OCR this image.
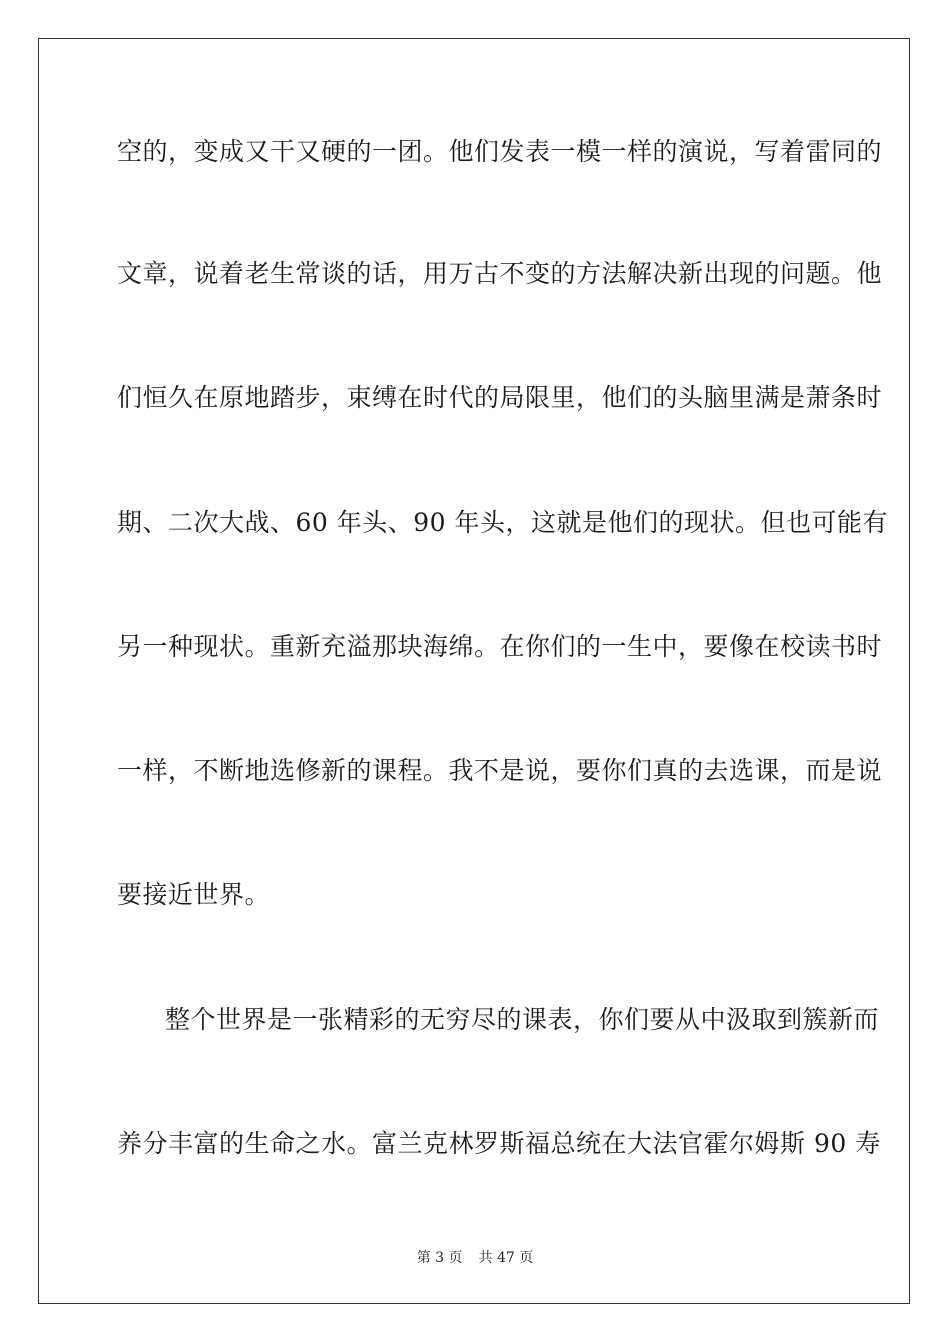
空的，变成又干又硬的一团。他们发表一模一样的演说，写着雷同的
文章，说着老生常谈的话，用万古不变的方法解决新出现的问题。他
们恒久在原地踏步，束缚在时代的局限里，他们的头脑里满是萧条时
期、二次大战、60 年头、90 年头，这就是他们的现状。但也可能有
另一种现状。重新充溢那块海绵。在你们的一生中，要像在校读书时
一样，不断地选修新的课程。我不是说，要你们真的去选课，而是说
要接近世界。
整个世界是一张精彩的无穷尽的课表，你们要从中汲取到簇新而
养分丰富的生命之水。富兰克林罗斯福总统在大法官霍尔姆斯 90 寿
第 3 页 共 47 页
